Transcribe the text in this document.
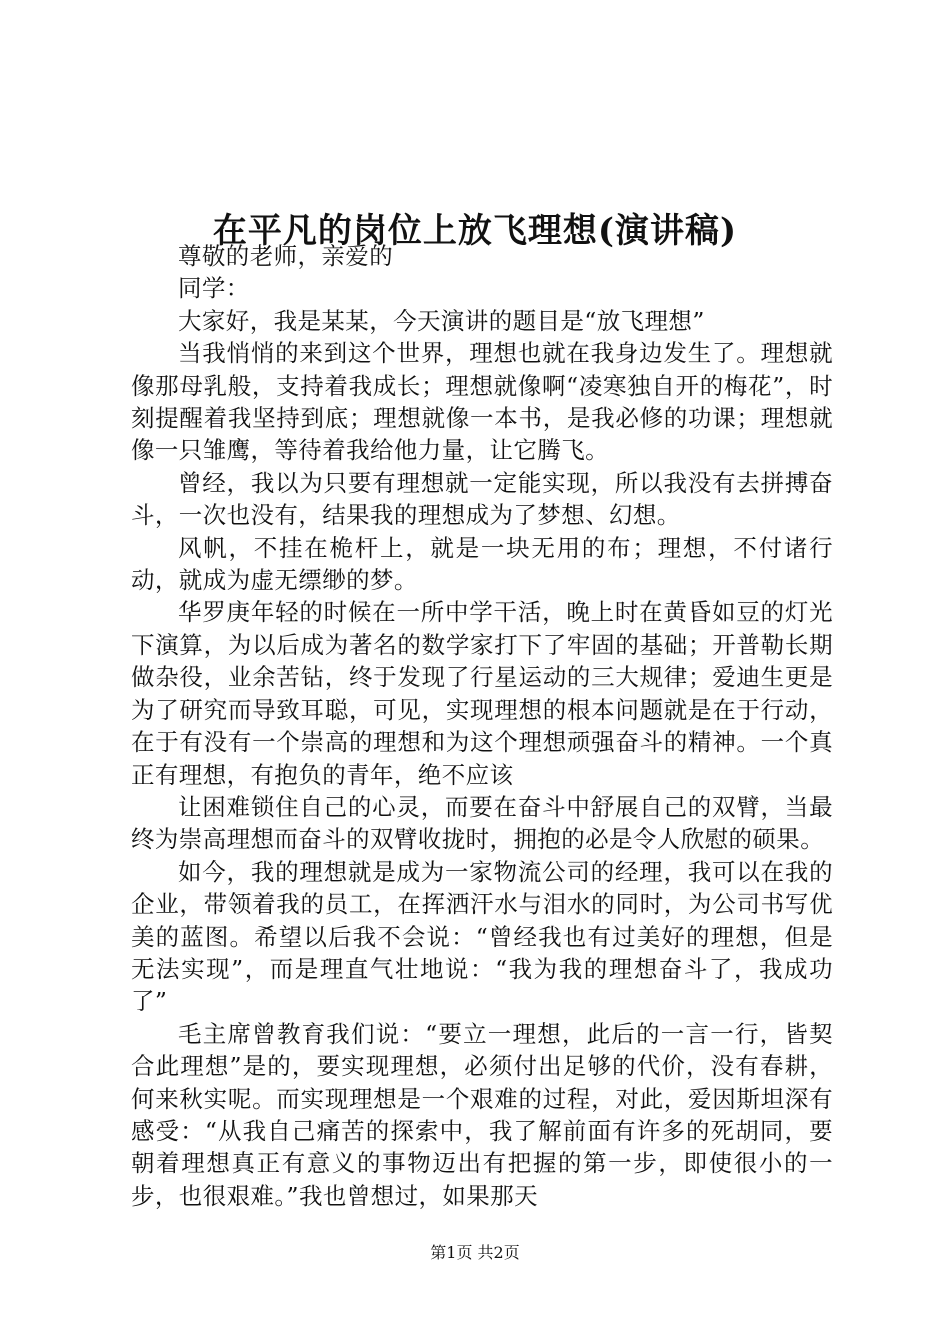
在平凡的岗位上放飞理想(演讲稿)

尊敬的老师，亲爱的

同学：

大家好，我是某某，今天演讲的题目是“放飞理想”

当我悄悄的来到这个世界，理想也就在我身边发生了。理想就像那母乳般，支持着我成长；理想就像啊“凌寒独自开的梅花”，时刻提醒着我坚持到底；理想就像一本书，是我必修的功课；理想就像一只雏鹰，等待着我给他力量，让它腾飞。

曾经，我以为只要有理想就一定能实现，所以我没有去拼搏奋斗，一次也没有，结果我的理想成为了梦想、幻想。

风帆，不挂在桅杆上，就是一块无用的布；理想，不付诸行动，就成为虚无缥缈的梦。

华罗庚年轻的时候在一所中学干活，晚上时在黄昏如豆的灯光下演算，为以后成为著名的数学家打下了牢固的基础；开普勒长期做杂役，业余苦钻，终于发现了行星运动的三大规律；爱迪生更是为了研究而导致耳聪，可见，实现理想的根本问题就是在于行动，在于有没有一个崇高的理想和为这个理想顽强奋斗的精神。一个真正有理想，有抱负的青年，绝不应该

让困难锁住自己的心灵，而要在奋斗中舒展自己的双臂，当最终为崇高理想而奋斗的双臂收拢时，拥抱的必是令人欣慰的硕果。

如今，我的理想就是成为一家物流公司的经理，我可以在我的企业，带领着我的员工，在挥洒汗水与泪水的同时，为公司书写优美的蓝图。希望以后我不会说：“曾经我也有过美好的理想，但是无法实现”，而是理直气壮地说：“我为我的理想奋斗了，我成功了”

毛主席曾教育我们说：“要立一理想，此后的一言一行，皆契合此理想”是的，要实现理想，必须付出足够的代价，没有春耕，何来秋实呢。而实现理想是一个艰难的过程，对此，爱因斯坦深有感受：“从我自己痛苦的探索中，我了解前面有许多的死胡同，要朝着理想真正有意义的事物迈出有把握的第一步，即使很小的一步，也很艰难。”我也曾想过，如果那天

第1页 共2页
